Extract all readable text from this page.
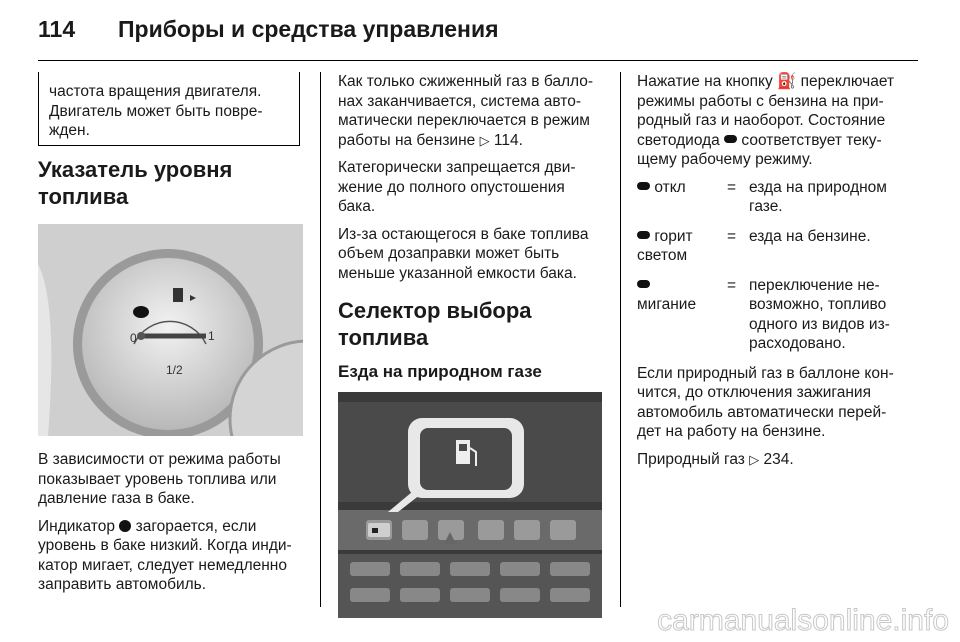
114 Приборы и средства управления

частота вращения двигателя. Двигатель может быть повре-жден.

Указатель уровня топлива
0	1
1/2

В зависимости от режима работы показывает уровень топлива или давление газа в баке.

Индикатор загорается, если уровень в баке низкий. Когда инди-катор мигает, следует немедленно заправить автомобиль.

Как только сжиженный газ в балло-нах заканчивается, система авто-матически переключается в режим работы на бензине ▷ 114.

Категорически запрещается дви-жение до полного опустошения бака.

Из-за остающегося в баке топлива объем дозаправки может быть меньше указанной емкости бака.

Селектор выбора топлива
Езда на природном газе

Нажатие на кнопку ⛽ переключает режимы работы с бензина на при-родный газ и наоборот. Состояние светодиода соответствует теку-щему рабочему режиму.

откл	=	езда на природном газе.
горит светом	=	езда на бензине.

мигание	=	переключение не-возможно, топливо одного из видов из-расходовано.

Если природный газ в баллоне кон-чится, до отключения зажигания автомобиль автоматически перей-дет на работу на бензине.

Природный газ ▷ 234.

carmanualsonline.info
